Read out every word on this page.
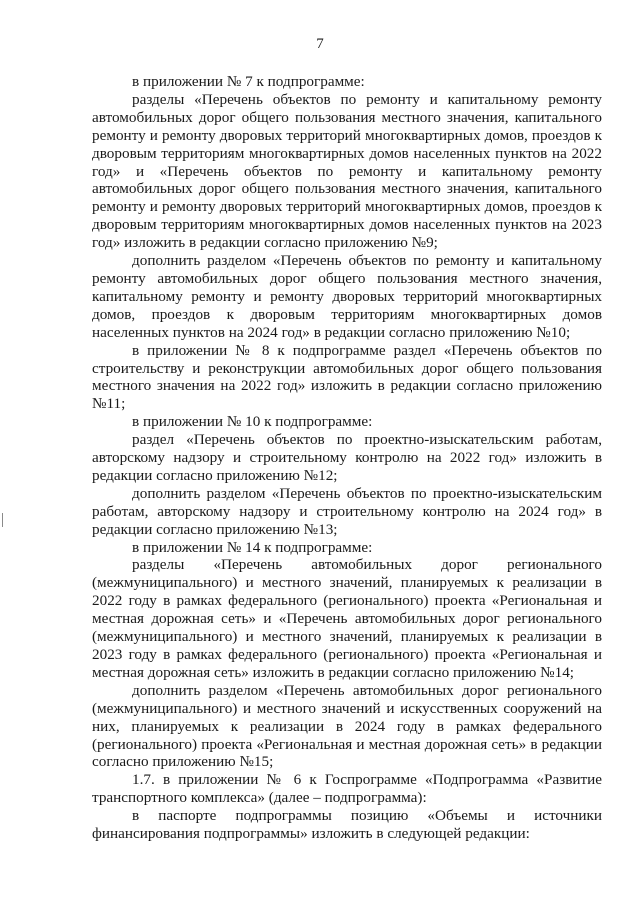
7

в приложении № 7 к подпрограмме:

разделы «Перечень объектов по ремонту и капитальному ремонту автомобильных дорог общего пользования местного значения, капитального ремонту и ремонту дворовых территорий многоквартирных домов, проездов к дворовым территориям многоквартирных домов населенных пунктов на 2022 год» и «Перечень объектов по ремонту и капитальному ремонту автомобильных дорог общего пользования местного значения, капитального ремонту и ремонту дворовых территорий многоквартирных домов, проездов к дворовым территориям многоквартирных домов населенных пунктов на 2023 год» изложить в редакции согласно приложению №9;

дополнить разделом «Перечень объектов по ремонту и капитальному ремонту автомобильных дорог общего пользования местного значения, капитальному ремонту и ремонту дворовых территорий многоквартирных домов, проездов к дворовым территориям многоквартирных домов населенных пунктов на 2024 год» в редакции согласно приложению №10;

в приложении № 8 к подпрограмме раздел «Перечень объектов по строительству и реконструкции автомобильных дорог общего пользования местного значения на 2022 год» изложить в редакции согласно приложению №11;

в приложении № 10 к подпрограмме:

раздел «Перечень объектов по проектно-изыскательским работам, авторскому надзору и строительному контролю на 2022 год» изложить в редакции согласно приложению №12;

дополнить разделом «Перечень объектов по проектно-изыскательским работам, авторскому надзору и строительному контролю на 2024 год» в редакции согласно приложению №13;

в приложении № 14 к подпрограмме:

разделы «Перечень автомобильных дорог регионального (межмуниципального) и местного значений, планируемых к реализации в 2022 году в рамках федерального (регионального) проекта «Региональная и местная дорожная сеть» и «Перечень автомобильных дорог регионального (межмуниципального) и местного значений, планируемых к реализации в 2023 году в рамках федерального (регионального) проекта «Региональная и местная дорожная сеть» изложить в редакции согласно приложению №14;

дополнить разделом «Перечень автомобильных дорог регионального (межмуниципального) и местного значений и искусственных сооружений на них, планируемых к реализации в 2024 году в рамках федерального (регионального) проекта «Региональная и местная дорожная сеть» в редакции согласно приложению №15;

1.7. в приложении № 6 к Госпрограмме «Подпрограмма «Развитие транспортного комплекса» (далее – подпрограмма):

в паспорте подпрограммы позицию «Объемы и источники финансирования подпрограммы» изложить в следующей редакции:
